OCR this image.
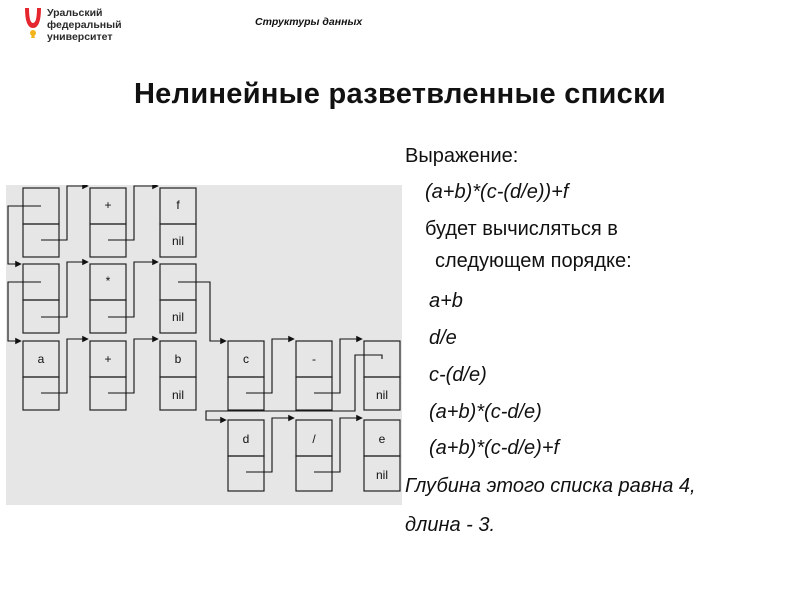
Уральский
федеральный
университет
Структуры данных
Нелинейные разветвленные списки
+	f
nil
*
nil
a	+	b
nil
c	-
nil
d	/	e
nil
Выражение:
(a+b)*(c-(d/e))+f
будет вычисляться в
следующем порядке:
a+b
d/e
c-(d/e)
(a+b)*(c-d/e)
(a+b)*(c-d/e)+f
Глубина этого списка равна 4,
длина - 3.
